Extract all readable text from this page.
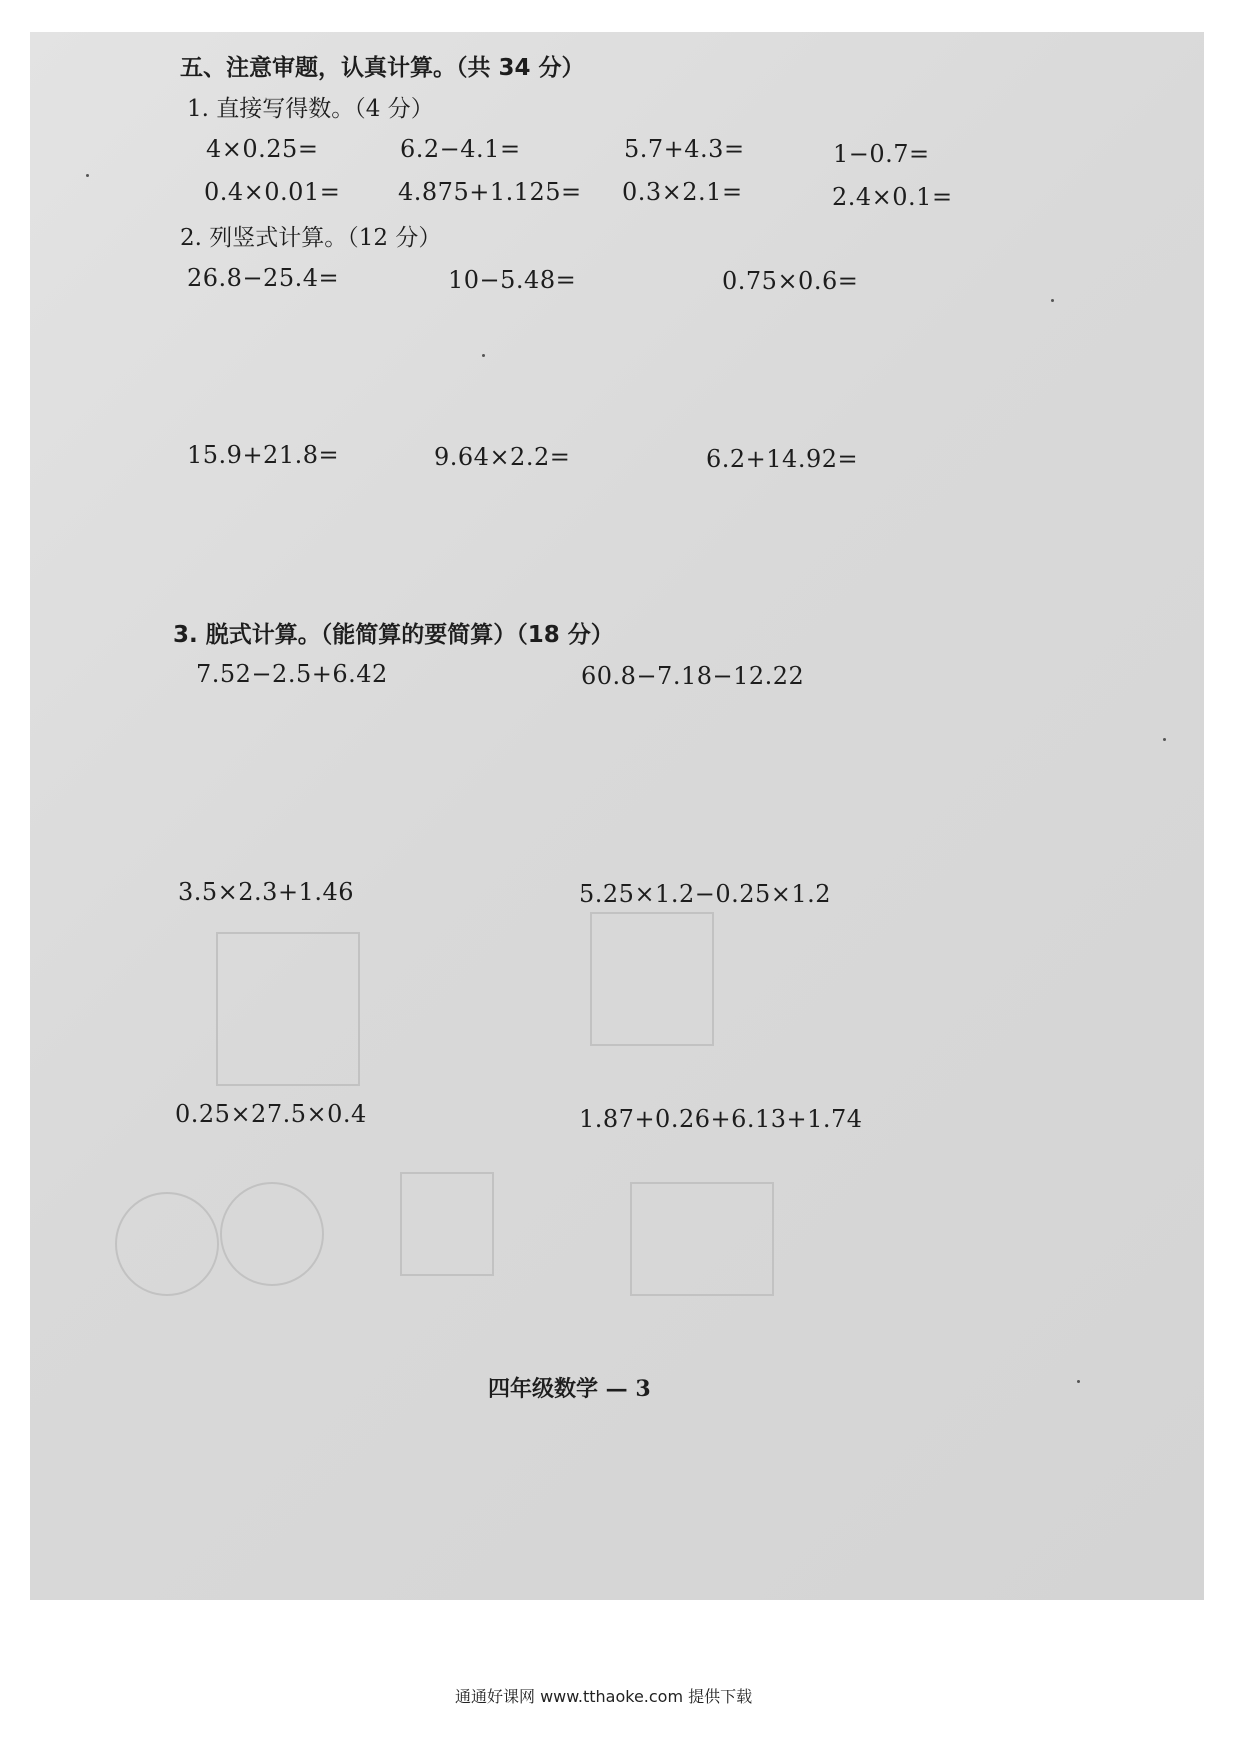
五、注意审题，认真计算。（共 34 分）
1. 直接写得数。（4 分）
4×0.25=	6.2−4.1=	5.7+4.3=	1−0.7=
0.4×0.01= 4.875+1.125= 0.3×2.1=	2.4×0.1=
2. 列竖式计算。（12 分）
26.8−25.4=	10−5.48=	0.75×0.6=
15.9+21.8=	9.64×2.2=	6.2+14.92=
3. 脱式计算。（能简算的要简算）（18 分）
7.52−2.5+6.42	60.8−7.18−12.22
3.5×2.3+1.46	5.25×1.2−0.25×1.2
0.25×27.5×0.4	1.87+0.26+6.13+1.74
四年级数学 — 3
通通好课网 www.tthaoke.com 提供下载
